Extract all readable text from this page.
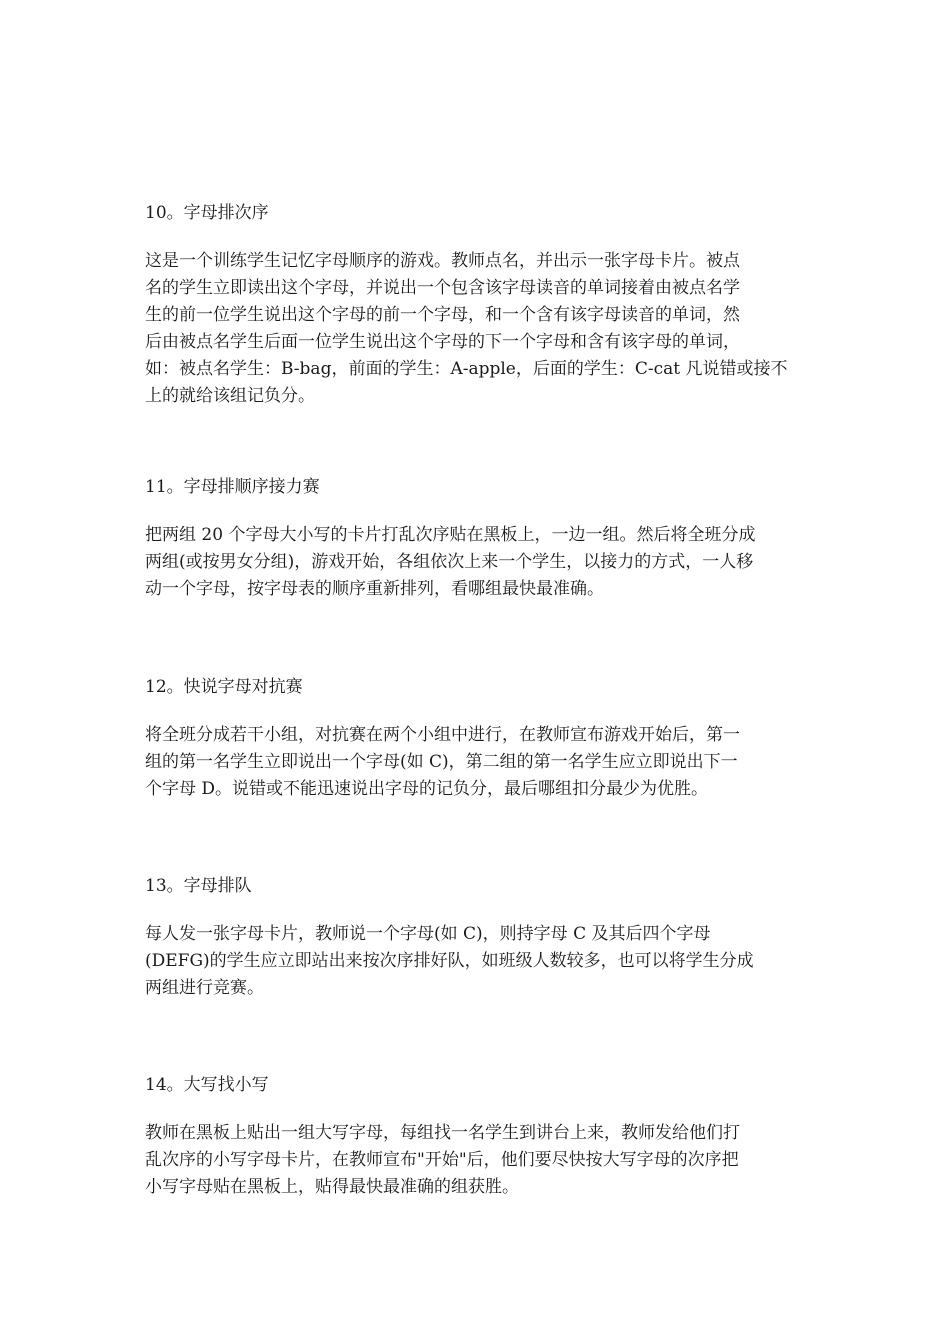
10。字母排次序

这是一个训练学生记忆字母顺序的游戏。教师点名，并出示一张字母卡片。被点
名的学生立即读出这个字母，并说出一个包含该字母读音的单词接着由被点名学
生的前一位学生说出这个字母的前一个字母，和一个含有该字母读音的单词，然
后由被点名学生后面一位学生说出这个字母的下一个字母和含有该字母的单词，
如：被点名学生：B-bag，前面的学生：A-apple，后面的学生：C-cat 凡说错或接不
上的就给该组记负分。

11。字母排顺序接力赛

把两组 20 个字母大小写的卡片打乱次序贴在黑板上，一边一组。然后将全班分成
两组(或按男女分组)，游戏开始，各组依次上来一个学生，以接力的方式，一人移
动一个字母，按字母表的顺序重新排列，看哪组最快最准确。

12。快说字母对抗赛

将全班分成若干小组，对抗赛在两个小组中进行，在教师宣布游戏开始后，第一
组的第一名学生立即说出一个字母(如 C)，第二组的第一名学生应立即说出下一
个字母 D。说错或不能迅速说出字母的记负分，最后哪组扣分最少为优胜。

13。字母排队

每人发一张字母卡片，教师说一个字母(如 C)，则持字母 C 及其后四个字母
(DEFG)的学生应立即站出来按次序排好队，如班级人数较多，也可以将学生分成
两组进行竞赛。

14。大写找小写

教师在黑板上贴出一组大写字母，每组找一名学生到讲台上来，教师发给他们打
乱次序的小写字母卡片，在教师宣布"开始"后，他们要尽快按大写字母的次序把
小写字母贴在黑板上，贴得最快最准确的组获胜。
